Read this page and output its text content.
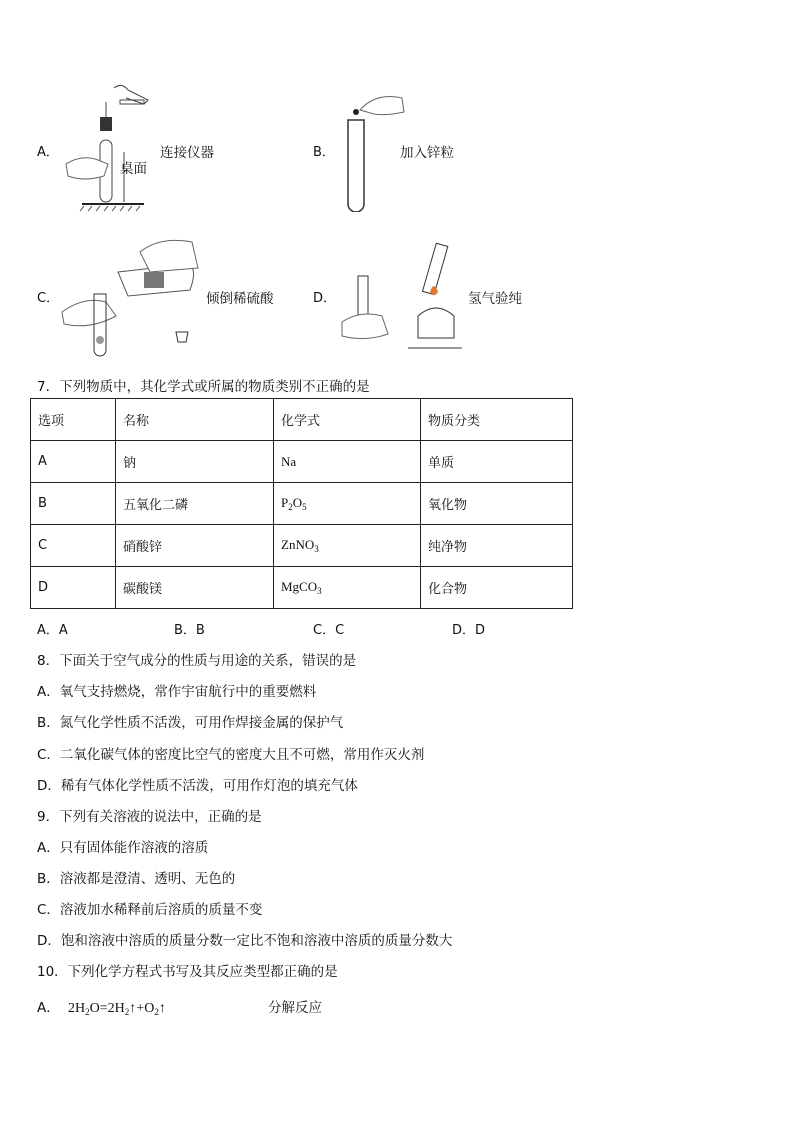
A．
桌面
连接仪器	B．	加入锌粒
C．	倾倒稀硫酸	D．	氢气验纯
7．下列物质中，其化学式或所属的物质类别不正确的是
选项	名称	化学式	物质分类
A	钠	Na	单质
B	五氧化二磷	$P_2O_5$	氧化物
C	硝酸锌	ZnNO$_3$	纯净物
D	碳酸镁	MgCO$_3$	化合物
A．A	B．B	C．C	D．D
8．下面关于空气成分的性质与用途的关系，错误的是
A．氧气支持燃烧，常作宇宙航行中的重要燃料
B．氮气化学性质不活泼，可用作焊接金属的保护气
C．二氧化碳气体的密度比空气的密度大且不可燃，常用作灭火剂
D．稀有气体化学性质不活泼，可用作灯泡的填充气体
9．下列有关溶液的说法中，正确的是
A．只有固体能作溶液的溶质
B．溶液都是澄清、透明、无色的
C．溶液加水稀释前后溶质的质量不变
D．饱和溶液中溶质的质量分数一定比不饱和溶液中溶质的质量分数大
10．下列化学方程式书写及其反应类型都正确的是
A． $2H_2O=2H_2↑+O_2↑$	分解反应
